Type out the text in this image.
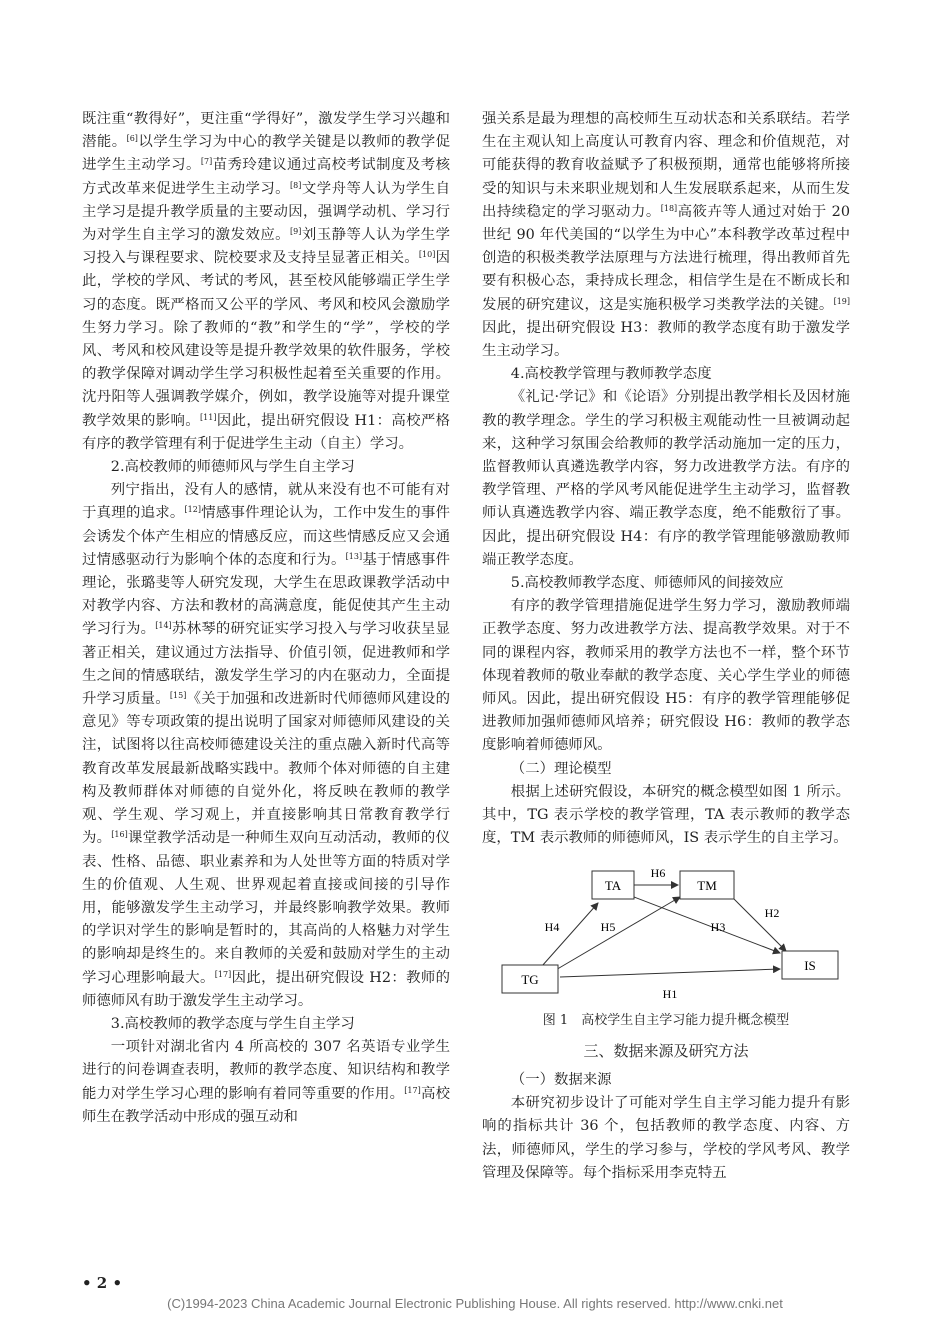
既注重“教得好”，更注重“学得好”，激发学生学习兴趣和潜能。[6]以学生学习为中心的教学关键是以教师的教学促进学生主动学习。[7]苗秀玲建议通过高校考试制度及考核方式改革来促进学生主动学习。[8]文学舟等人认为学生自主学习是提升教学质量的主要动因，强调学动机、学习行为对学生自主学习的激发效应。[9]刘玉静等人认为学生学习投入与课程要求、院校要求及支持呈显著正相关。[10]因此，学校的学风、考试的考风，甚至校风能够端正学生学习的态度。既严格而又公平的学风、考风和校风会激励学生努力学习。除了教师的“教”和学生的“学”，学校的学风、考风和校风建设等是提升教学效果的软件服务，学校的教学保障对调动学生学习积极性起着至关重要的作用。沈丹阳等人强调教学媒介，例如，教学设施等对提升课堂教学效果的影响。[11]因此，提出研究假设 H1：高校严格有序的教学管理有利于促进学生主动（自主）学习。

2.高校教师的师德师风与学生自主学习

列宁指出，没有人的感情，就从来没有也不可能有对于真理的追求。[12]情感事件理论认为，工作中发生的事件会诱发个体产生相应的情感反应，而这些情感反应又会通过情感驱动行为影响个体的态度和行为。[13]基于情感事件理论，张璐斐等人研究发现，大学生在思政课教学活动中对教学内容、方法和教材的高满意度，能促使其产生主动学习行为。[14]苏林琴的研究证实学习投入与学习收获呈显著正相关，建议通过方法指导、价值引领，促进教师和学生之间的情感联结，激发学生学习的内在驱动力，全面提升学习质量。[15]《关于加强和改进新时代师德师风建设的意见》等专项政策的提出说明了国家对师德师风建设的关注，试图将以往高校师德建设关注的重点融入新时代高等教育改革发展最新战略实践中。教师个体对师德的自主建构及教师群体对师德的自觉外化，将反映在教师的教学观、学生观、学习观上，并直接影响其日常教育教学行为。[16]课堂教学活动是一种师生双向互动活动，教师的仪表、性格、品德、职业素养和为人处世等方面的特质对学生的价值观、人生观、世界观起着直接或间接的引导作用，能够激发学生主动学习，并最终影响教学效果。教师的学识对学生的影响是暂时的，其高尚的人格魅力对学生的影响却是终生的。来自教师的关爱和鼓励对学生的主动学习心理影响最大。[17]因此，提出研究假设 H2：教师的师德师风有助于激发学生主动学习。

3.高校教师的教学态度与学生自主学习

一项针对湖北省内 4 所高校的 307 名英语专业学生进行的问卷调查表明，教师的教学态度、知识结构和教学能力对学生学习心理的影响有着同等重要的作用。[17]高校师生在教学活动中形成的强互动和

强关系是最为理想的高校师生互动状态和关系联结。若学生在主观认知上高度认可教育内容、理念和价值规范，对可能获得的教育收益赋予了积极预期，通常也能够将所接受的知识与未来职业规划和人生发展联系起来，从而生发出持续稳定的学习驱动力。[18]高筱卉等人通过对始于 20 世纪 90 年代美国的“以学生为中心”本科教学改革过程中创造的积极类教学法原理与方法进行梳理，得出教师首先要有积极心态，秉持成长理念，相信学生是在不断成长和发展的研究建议，这是实施积极学习类教学法的关键。[19]因此，提出研究假设 H3：教师的教学态度有助于激发学生主动学习。

4.高校教学管理与教师教学态度

《礼记·学记》和《论语》分别提出教学相长及因材施教的教学理念。学生的学习积极主观能动性一旦被调动起来，这种学习氛围会给教师的教学活动施加一定的压力，监督教师认真遴选教学内容，努力改进教学方法。有序的教学管理、严格的学风考风能促进学生主动学习，监督教师认真遴选教学内容、端正教学态度，绝不能敷衍了事。因此，提出研究假设 H4：有序的教学管理能够激励教师端正教学态度。

5.高校教师教学态度、师德师风的间接效应

有序的教学管理措施促进学生努力学习，激励教师端正教学态度、努力改进教学方法、提高教学效果。对于不同的课程内容，教师采用的教学方法也不一样，整个环节体现着教师的敬业奉献的教学态度、关心学生学业的师德师风。因此，提出研究假设 H5：有序的教学管理能够促进教师加强师德师风培养；研究假设 H6：教师的教学态度影响着师德师风。

（二）理论模型

根据上述研究假设，本研究的概念模型如图 1 所示。其中，TG 表示学校的教学管理，TA 表示教师的教学态度，TM 表示教师的师德师风，IS 表示学生的自主学习。

TA	TM
TG
IS
H6
H4	H5	H3
H2
H1

图 1　高校学生自主学习能力提升概念模型

三、数据来源及研究方法
（一）数据来源

本研究初步设计了可能对学生自主学习能力提升有影响的指标共计 36 个，包括教师的教学态度、内容、方法，师德师风，学生的学习参与，学校的学风考风、教学管理及保障等。每个指标采用李克特五

• 2 •
(C)1994-2023 China Academic Journal Electronic Publishing House. All rights reserved. http://www.cnki.net
